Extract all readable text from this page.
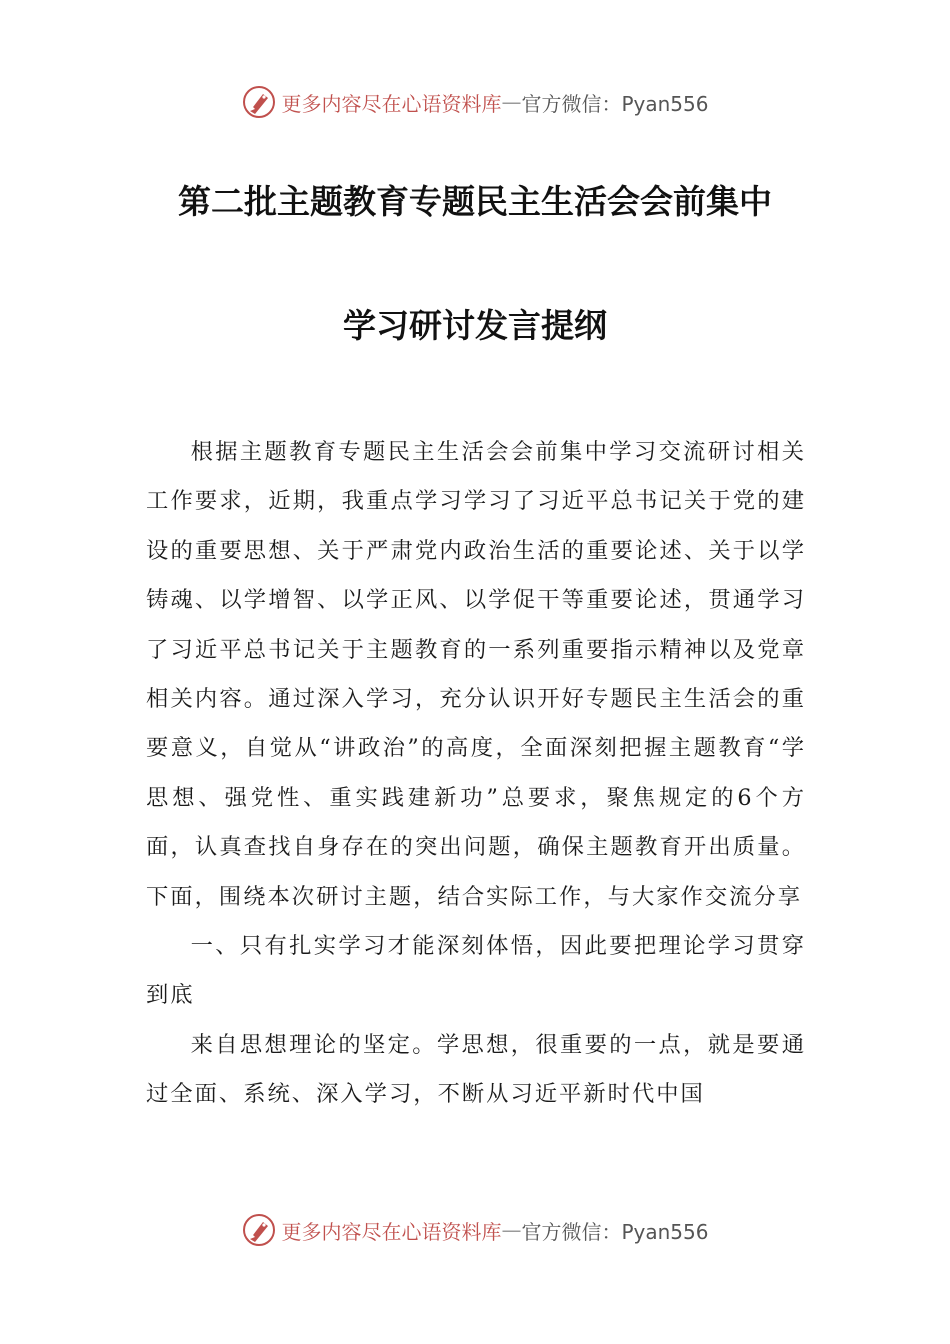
更多内容尽在心语资料库 — 官方微信：Pyan556
第二批主题教育专题民主生活会会前集中
学习研讨发言提纲

根据主题教育专题民主生活会会前集中学习交流研讨相关工作要求，近期，我重点学习学习了习近平总书记关于党的建设的重要思想、关于严肃党内政治生活的重要论述、关于以学铸魂、以学增智、以学正风、以学促干等重要论述，贯通学习了习近平总书记关于主题教育的一系列重要指示精神以及党章相关内容。通过深入学习，充分认识开好专题民主生活会的重要意义，自觉从“讲政治”的高度，全面深刻把握主题教育“学思想、强党性、重实践建新功”总要求，聚焦规定的6个方面，认真查找自身存在的突出问题，确保主题教育开出质量。下面，围绕本次研讨主题，结合实际工作，与大家作交流分享

一、只有扎实学习才能深刻体悟，因此要把理论学习贯穿到底

来自思想理论的坚定。学思想，很重要的一点，就是要通过全面、系统、深入学习，不断从习近平新时代中国

更多内容尽在心语资料库 — 官方微信：Pyan556
